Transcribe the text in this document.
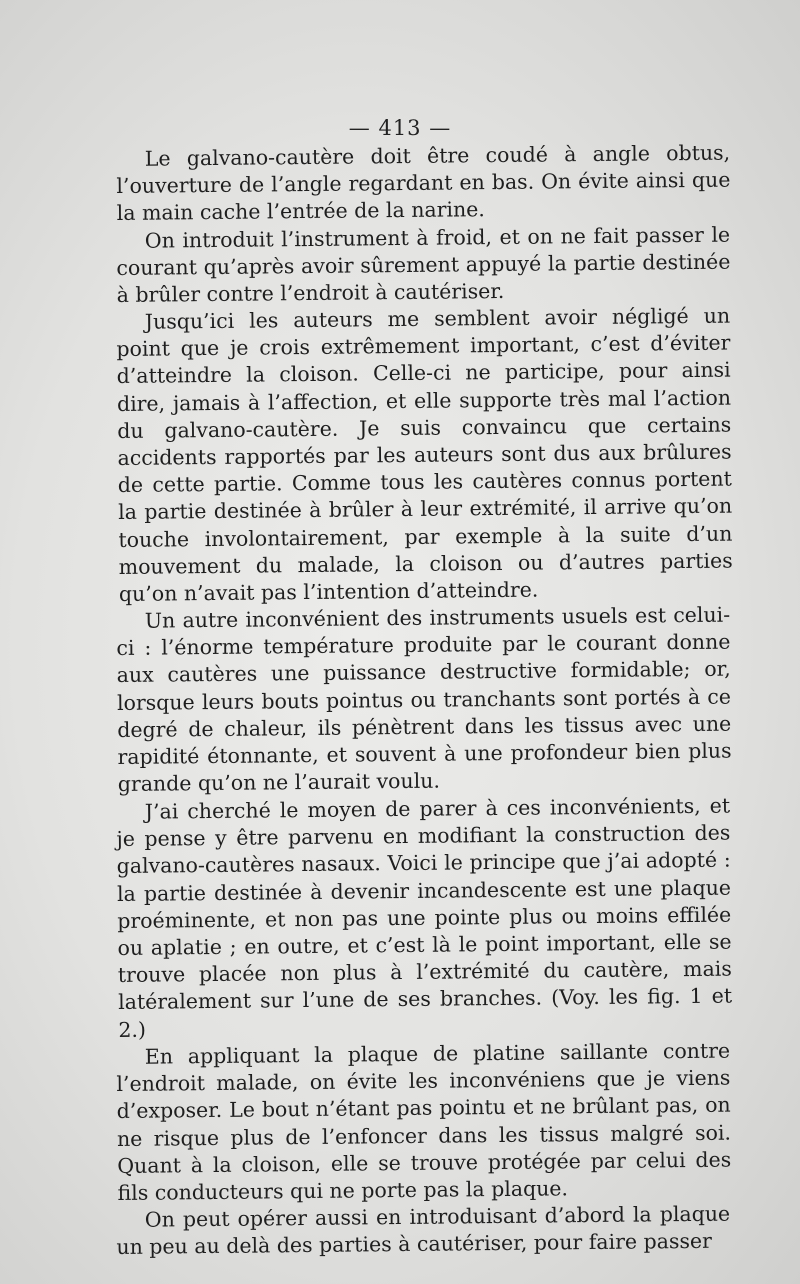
— 413 —

Le galvano-cautère doit être coudé à angle obtus, l’ouverture de l’angle regardant en bas. On évite ainsi que la main cache l’entrée de la narine.

On introduit l’instrument à froid, et on ne fait passer le courant qu’après avoir sûrement appuyé la partie destinée à brûler contre l’endroit à cautériser.

Jusqu’ici les auteurs me semblent avoir négligé un point que je crois extrêmement important, c’est d’éviter d’atteindre la cloison. Celle-ci ne participe, pour ainsi dire, jamais à l’affection, et elle supporte très mal l’action du galvano-cautère. Je suis convaincu que certains accidents rapportés par les auteurs sont dus aux brûlures de cette partie. Comme tous les cautères connus portent la partie destinée à brûler à leur extrémité, il arrive qu’on touche involontairement, par exemple à la suite d’un mouvement du malade, la cloison ou d’autres parties qu’on n’avait pas l’intention d’atteindre.

Un autre inconvénient des instruments usuels est celui-ci : l’énorme température produite par le courant donne aux cautères une puissance destructive formidable; or, lorsque leurs bouts pointus ou tranchants sont portés à ce degré de chaleur, ils pénètrent dans les tissus avec une rapidité étonnante, et souvent à une profondeur bien plus grande qu’on ne l’aurait voulu.

J’ai cherché le moyen de parer à ces inconvénients, et je pense y être parvenu en modifiant la construction des galvano-cautères nasaux. Voici le principe que j’ai adopté : la partie destinée à devenir incandescente est une plaque proéminente, et non pas une pointe plus ou moins effilée ou aplatie ; en outre, et c’est là le point important, elle se trouve placée non plus à l’extrémité du cautère, mais latéralement sur l’une de ses branches. (Voy. les fig. 1 et 2.)

En appliquant la plaque de platine saillante contre l’endroit malade, on évite les inconvéniens que je viens d’exposer. Le bout n’étant pas pointu et ne brûlant pas, on ne risque plus de l’enfoncer dans les tissus malgré soi. Quant à la cloison, elle se trouve protégée par celui des fils conducteurs qui ne porte pas la plaque.

On peut opérer aussi en introduisant d’abord la plaque un peu au delà des parties à cautériser, pour faire passer
